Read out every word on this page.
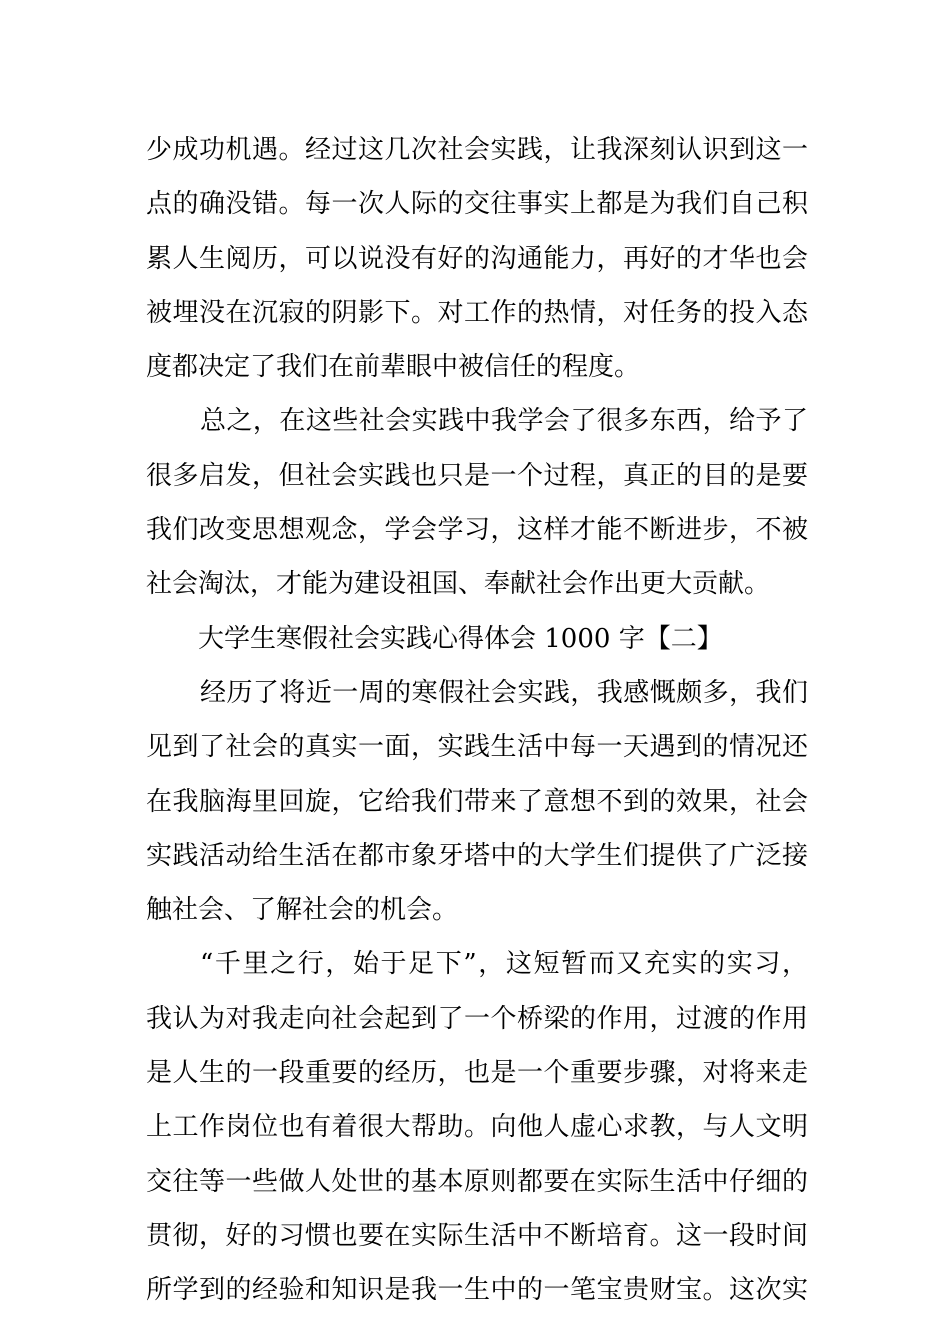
少成功机遇。经过这几次社会实践，让我深刻认识到这一
点的确没错。每一次人际的交往事实上都是为我们自己积
累人生阅历，可以说没有好的沟通能力，再好的才华也会
被埋没在沉寂的阴影下。对工作的热情，对任务的投入态
度都决定了我们在前辈眼中被信任的程度。
总之，在这些社会实践中我学会了很多东西，给予了
很多启发，但社会实践也只是一个过程，真正的目的是要
我们改变思想观念，学会学习，这样才能不断进步，不被
社会淘汰，才能为建设祖国、奉献社会作出更大贡献。
大学生寒假社会实践心得体会 1000 字【二】
经历了将近一周的寒假社会实践，我感慨颇多，我们
见到了社会的真实一面，实践生活中每一天遇到的情况还
在我脑海里回旋，它给我们带来了意想不到的效果，社会
实践活动给生活在都市象牙塔中的大学生们提供了广泛接
触社会、了解社会的机会。
“千里之行，始于足下”，这短暂而又充实的实习，
我认为对我走向社会起到了一个桥梁的作用，过渡的作用
是人生的一段重要的经历，也是一个重要步骤，对将来走
上工作岗位也有着很大帮助。向他人虚心求教，与人文明
交往等一些做人处世的基本原则都要在实际生活中仔细的
贯彻，好的习惯也要在实际生活中不断培育。这一段时间
所学到的经验和知识是我一生中的一笔宝贵财宝。这次实
